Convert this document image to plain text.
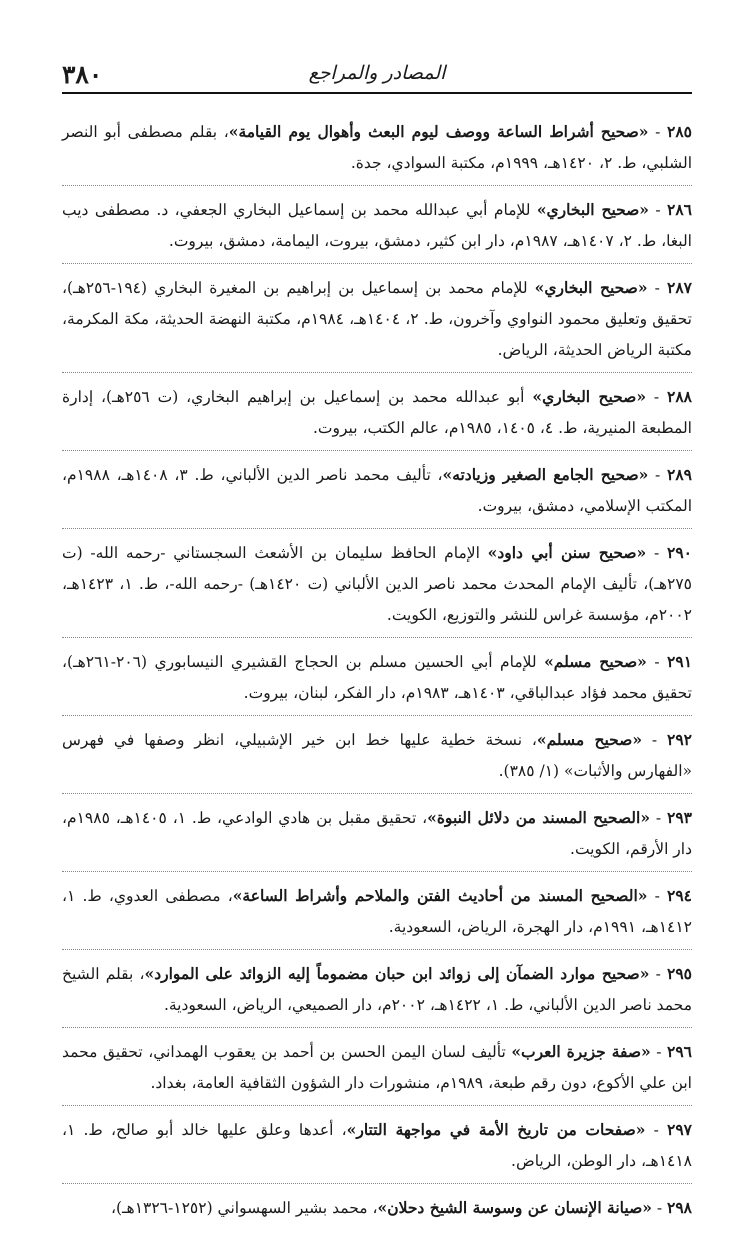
٣٨٠	المصادر والمراجع

٢٨٥ - «صحيح أشراط الساعة ووصف ليوم البعث وأهوال يوم القيامة»، بقلم مصطفى أبو النصر الشلبي، ط. ٢، ١٤٢٠هـ، ١٩٩٩م، مكتبة السوادي، جدة.

٢٨٦ - «صحيح البخاري» للإمام أبي عبدالله محمد بن إسماعيل البخاري الجعفي، د. مصطفى ديب البغا، ط. ٢، ١٤٠٧هـ، ١٩٨٧م، دار ابن كثير، دمشق، بيروت، اليمامة، دمشق، بيروت.

٢٨٧ - «صحيح البخاري» للإمام محمد بن إسماعيل بن إبراهيم بن المغيرة البخاري (١٩٤-٢٥٦هـ)، تحقيق وتعليق محمود النواوي وآخرون، ط. ٢، ١٤٠٤هـ، ١٩٨٤م، مكتبة النهضة الحديثة، مكة المكرمة، مكتبة الرياض الحديثة، الرياض.

٢٨٨ - «صحيح البخاري» أبو عبدالله محمد بن إسماعيل بن إبراهيم البخاري، (ت ٢٥٦هـ)، إدارة المطبعة المنيرية، ط. ٤، ١٤٠٥، ١٩٨٥م، عالم الكتب، بيروت.

٢٨٩ - «صحيح الجامع الصغير وزيادته»، تأليف محمد ناصر الدين الألباني، ط. ٣، ١٤٠٨هـ، ١٩٨٨م، المكتب الإسلامي، دمشق، بيروت.

٢٩٠ - «صحيح سنن أبي داود» الإمام الحافظ سليمان بن الأشعث السجستاني -رحمه الله- (ت ٢٧٥هـ)، تأليف الإمام المحدث محمد ناصر الدين الألباني (ت ١٤٢٠هـ) -رحمه الله-، ط. ١، ١٤٢٣هـ، ٢٠٠٢م، مؤسسة غراس للنشر والتوزيع، الكويت.

٢٩١ - «صحيح مسلم» للإمام أبي الحسين مسلم بن الحجاج القشيري النيسابوري (٢٠٦-٢٦١هـ)، تحقيق محمد فؤاد عبدالباقي، ١٤٠٣هـ، ١٩٨٣م، دار الفكر، لبنان، بيروت.

٢٩٢ - «صحيح مسلم»، نسخة خطية عليها خط ابن خير الإشبيلي، انظر وصفها في فهرس «الفهارس والأثبات» (١/ ٣٨٥).

٢٩٣ - «الصحيح المسند من دلائل النبوة»، تحقيق مقبل بن هادي الوادعي، ط. ١، ١٤٠٥هـ، ١٩٨٥م، دار الأرقم، الكويت.

٢٩٤ - «الصحيح المسند من أحاديث الفتن والملاحم وأشراط الساعة»، مصطفى العدوي، ط. ١، ١٤١٢هـ، ١٩٩١م، دار الهجرة، الرياض، السعودية.

٢٩٥ - «صحيح موارد الضمآن إلى زوائد ابن حبان مضموماً إليه الزوائد على الموارد»، بقلم الشيخ محمد ناصر الدين الألباني، ط. ١، ١٤٢٢هـ، ٢٠٠٢م، دار الصميعي، الرياض، السعودية.

٢٩٦ - «صفة جزيرة العرب» تأليف لسان اليمن الحسن بن أحمد بن يعقوب الهمداني، تحقيق محمد ابن علي الأكوع، دون رقم طبعة، ١٩٨٩م، منشورات دار الشؤون الثقافية العامة، بغداد.

٢٩٧ - «صفحات من تاريخ الأمة في مواجهة التتار»، أعدها وعلق عليها خالد أبو صالح، ط. ١، ١٤١٨هـ، دار الوطن، الرياض.

٢٩٨ - «صيانة الإنسان عن وسوسة الشيخ دحلان»، محمد بشير السهسواني (١٢٥٢-١٣٢٦هـ)،
